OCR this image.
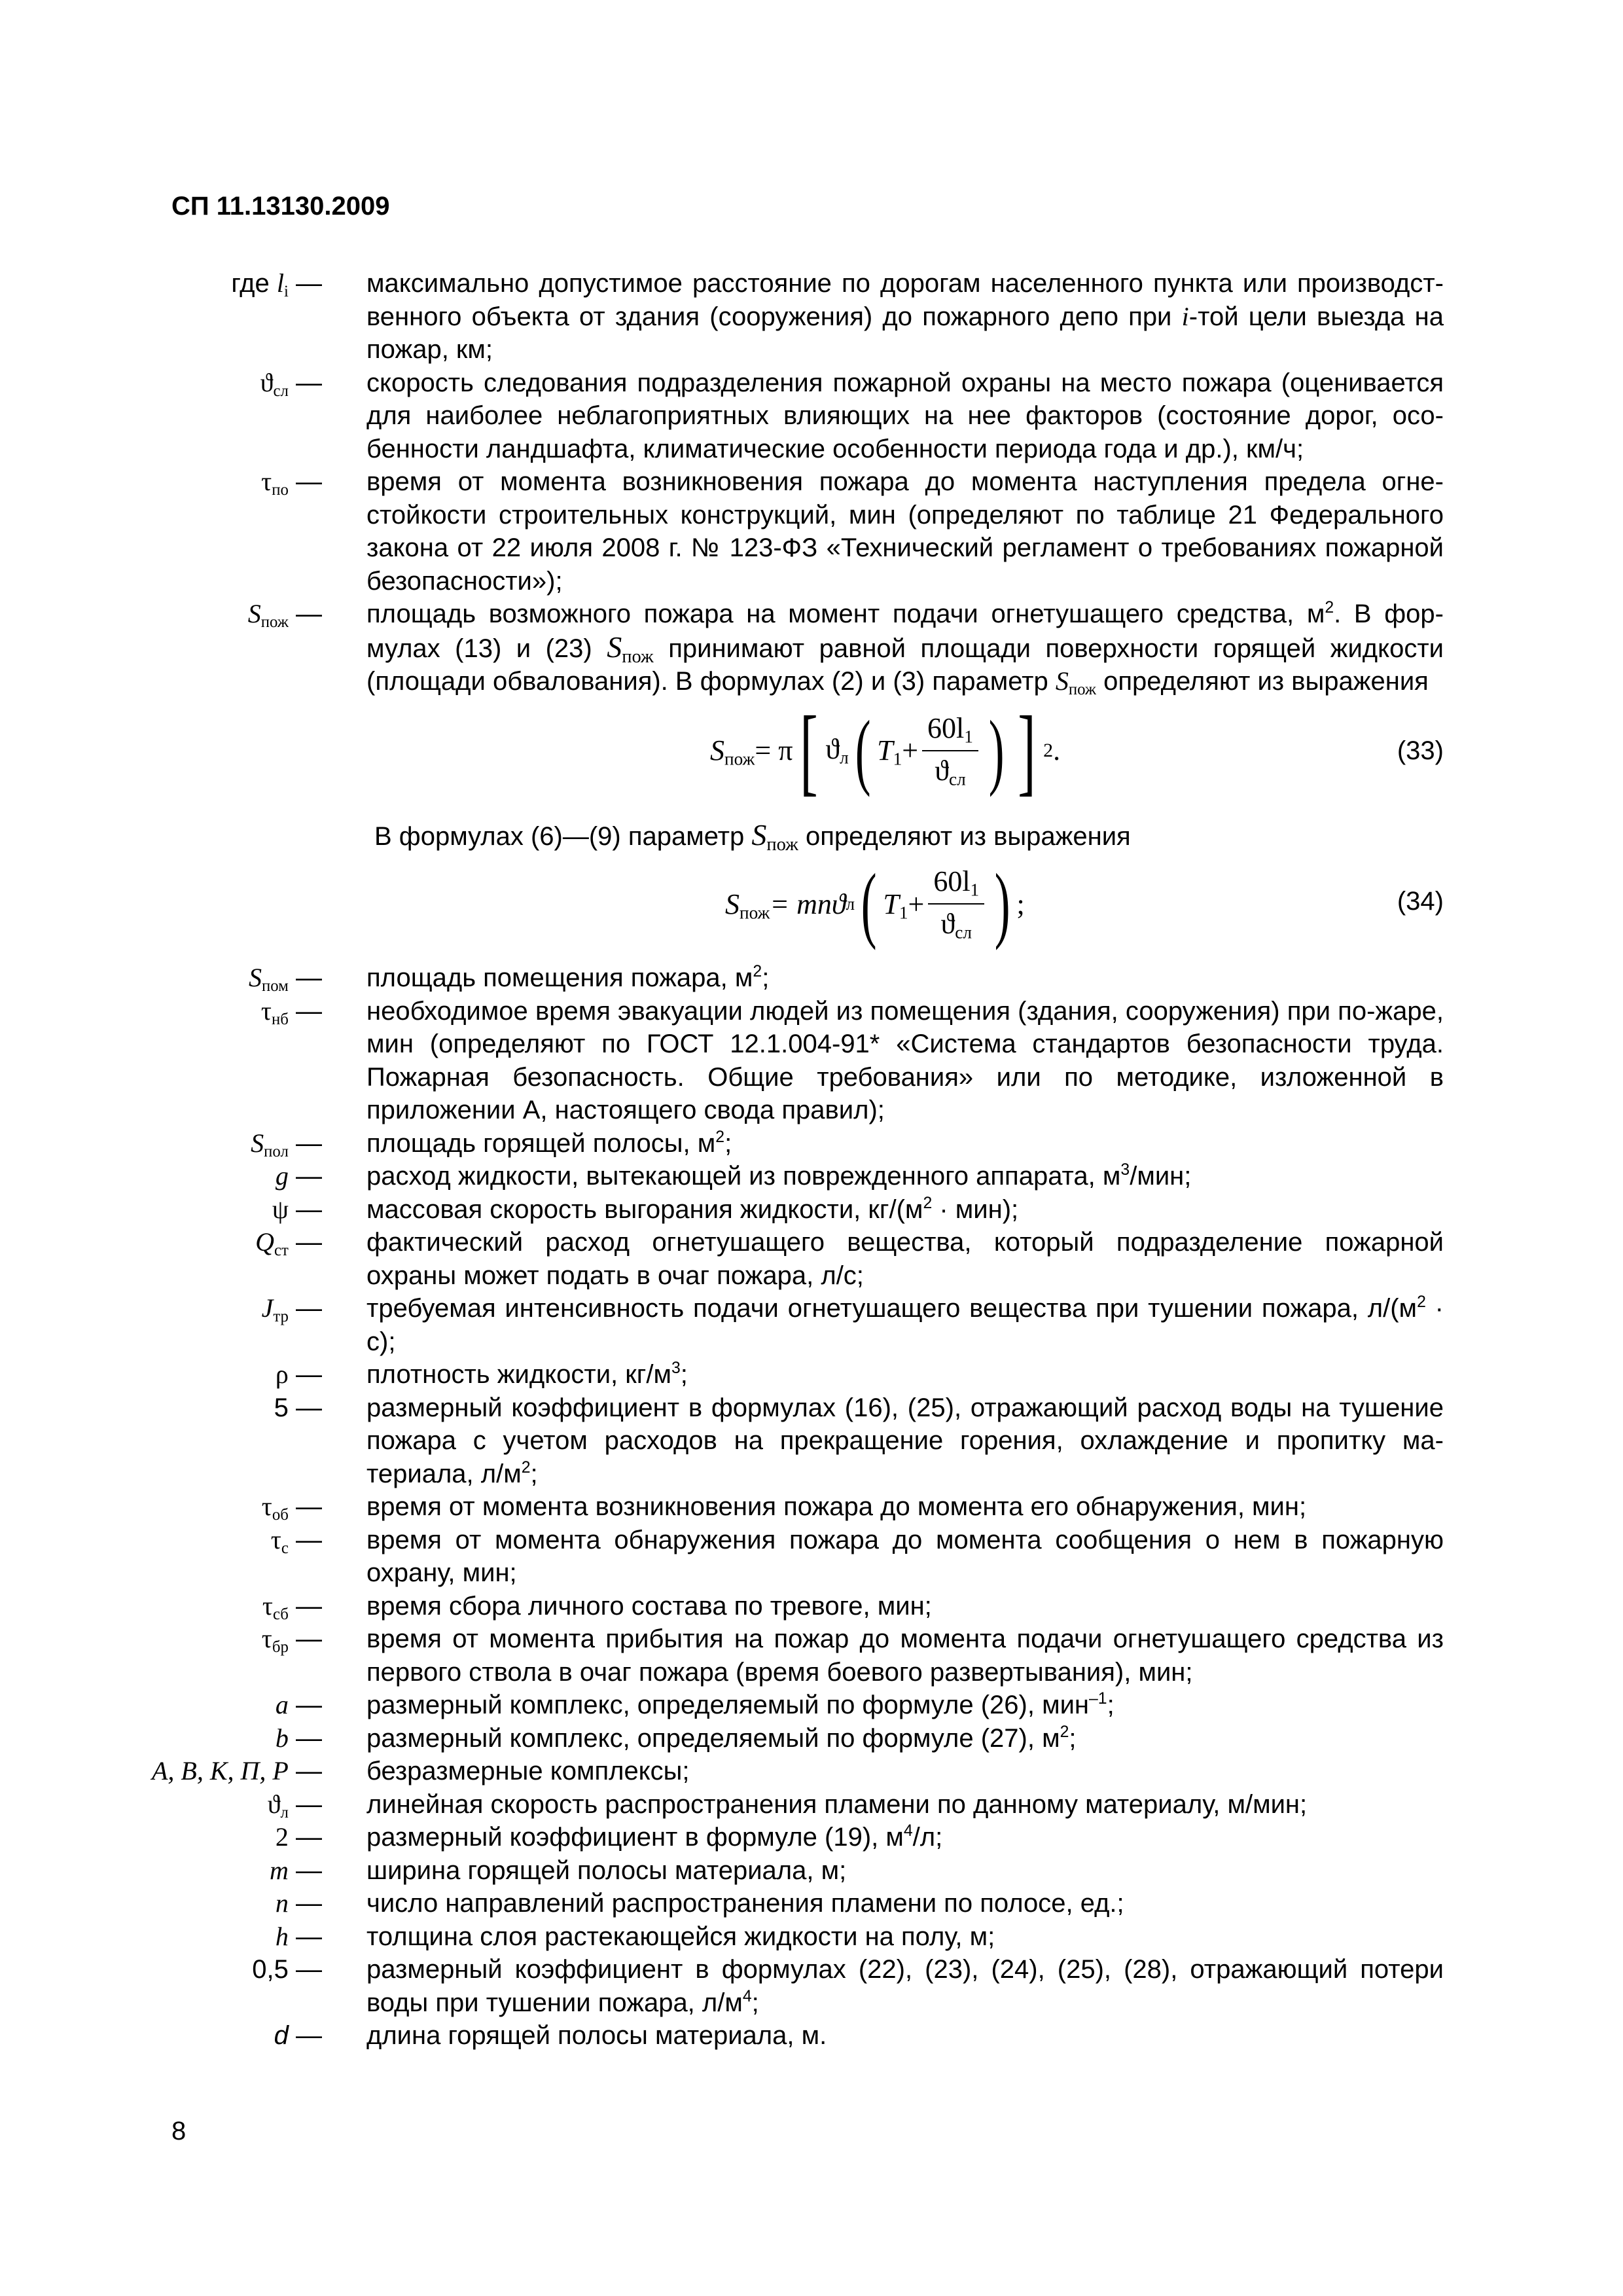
СП 11.13130.2009
где $l_i$ — максимально допустимое расстояние по дорогам населенного пункта или производст-венного объекта от здания (сооружения) до пожарного депо при i-той цели выезда на пожар, км;
$ϑ_{сл}$ — скорость следования подразделения пожарной охраны на место пожара (оценивается для наиболее неблагоприятных влияющих на нее факторов (состояние дорог, осо-бенности ландшафта, климатические особенности периода года и др.), км/ч;
$\tau_{по}$ — время от момента возникновения пожара до момента наступления предела огне-стойкости строительных конструкций, мин (определяют по таблице 21 Федерального закона от 22 июля 2008 г. № 123-ФЗ «Технический регламент о требованиях пожарной безопасности»);
$S_{пож}$ — площадь возможного пожара на момент подачи огнетушащего средства, $м^2$. В фор-мулах (13) и (23) $S_{пож}$ принимают равной площади поверхности горящей жидкости (площади обвалования). В формулах (2) и (3) параметр $S_{пож}$ определяют из выражения
$S_{пож} = \pi$ [ $ϑ_л$ ( $T_1 + \frac{60l_1}{ϑ_{сл}}$ ) ] 2 .	(33)
В формулах (6)—(9) параметр $S_{пож}$ определяют из выражения
$S_{пож} = mnϑ$ л ( $T_1 + \frac{60l_1}{ϑ_{сл}}$ ) ;	(34)
$S_{пом}$ — площадь помещения пожара, $м^2$;
$\tau_{нб}$ — необходимое время эвакуации людей из помещения (здания, сооружения) при по-жаре, мин (определяют по ГОСТ 12.1.004-91* «Система стандартов безопасности труда. Пожарная безопасность. Общие требования» или по методике, изложенной в приложении А, настоящего свода правил);
$S_{пол}$ — площадь горящей полосы, $м^2$;
g — расход жидкости, вытекающей из поврежденного аппарата, $м^3$/мин;
ψ — массовая скорость выгорания жидкости, $кг/(м^2 \cdot мин)$;
$Q_{ст}$ — фактический расход огнетушащего вещества, который подразделение пожарной охраны может подать в очаг пожара, л/с;
$J_{тр}$ — требуемая интенсивность подачи огнетушащего вещества при тушении пожара, $л/(м^2 \cdot с)$;
ρ — плотность жидкости, $кг/м^3$;
5 — размерный коэффициент в формулах (16), (25), отражающий расход воды на тушение пожара с учетом расходов на прекращение горения, охлаждение и пропитку ма-териала, $л/м^2$;
$\tau_{об}$ — время от момента возникновения пожара до момента его обнаружения, мин;
$\tau_с$ — время от момента обнаружения пожара до момента сообщения о нем в пожарную охрану, мин;
$\tau_{сб}$ — время сбора личного состава по тревоге, мин;
$\tau_{бр}$ — время от момента прибытия на пожар до момента подачи огнетушащего средства из первого ствола в очаг пожара (время боевого развертывания), мин;
a — размерный комплекс, определяемый по формуле (26), мин$^{-1}$;
b — размерный комплекс, определяемый по формуле (27), $м^2$;
A, B, K, П, P — безразмерные комплексы;
$ϑ_л$ — линейная скорость распространения пламени по данному материалу, м/мин;
2 — размерный коэффициент в формуле (19), $м^4/л$;
m — ширина горящей полосы материала, м;
n — число направлений распространения пламени по полосе, ед.;
h — толщина слоя растекающейся жидкости на полу, м;
0,5 — размерный коэффициент в формулах (22), (23), (24), (25), (28), отражающий потери воды при тушении пожара, $л/м^4$;
d — длина горящей полосы материала, м.
8
